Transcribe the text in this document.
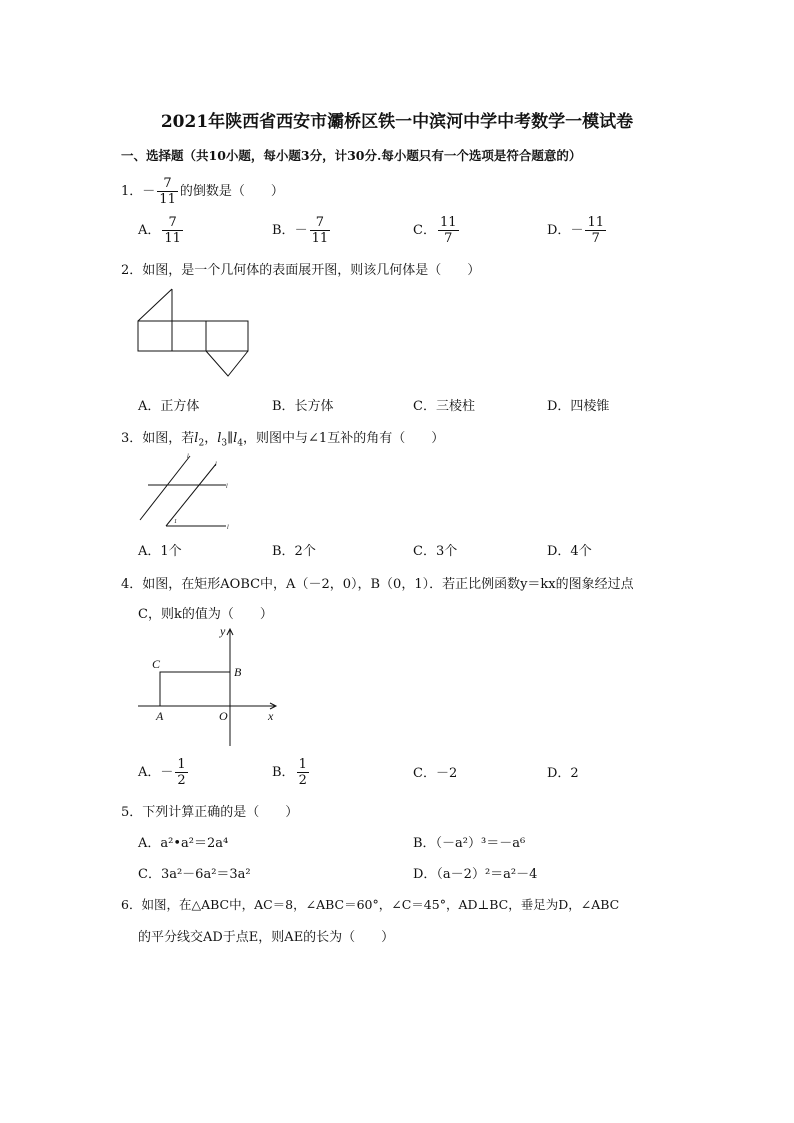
2021年陕西省西安市灞桥区铁一中滨河中学中考数学一模试卷
一、选择题（共10小题，每小题3分，计30分.每小题只有一个选项是符合题意的）
1．－ $\frac{7}{11}$ 的倒数是（　　）
A． $\frac{7}{11}$	B．－ $\frac{7}{11}$	C． $\frac{11}{7}$	D．－ $\frac{11}{7}$
2．如图，是一个几何体的表面展开图，则该几何体是（　　）
A．正方体	B．长方体	C．三棱柱	D．四棱锥
3．如图，若$l_2$，$l_3\parallel l_4$，则图中与∠1互补的角有（　　）
l
l
l
l
1
A．1个	B．2个	C．3个	D．4个
4．如图，在矩形AOBC中，A（－2，0），B（0，1）．若正比例函数y＝kx的图象经过点
C，则k的值为（　　）
y
x
C
B
A	O
A．－ $\frac{1}{2}$	B． $\frac{1}{2}$	C．－2	D．2
5．下列计算正确的是（　　）
A．a²•a²＝2a⁴	B．（－a²）³＝－a⁶
C．3a²－6a²＝3a²	D．（a－2）²＝a²－4
6．如图，在△ABC中，AC＝8，∠ABC＝60°，∠C＝45°，AD⊥BC，垂足为D，∠ABC
的平分线交AD于点E，则AE的长为（　　）
